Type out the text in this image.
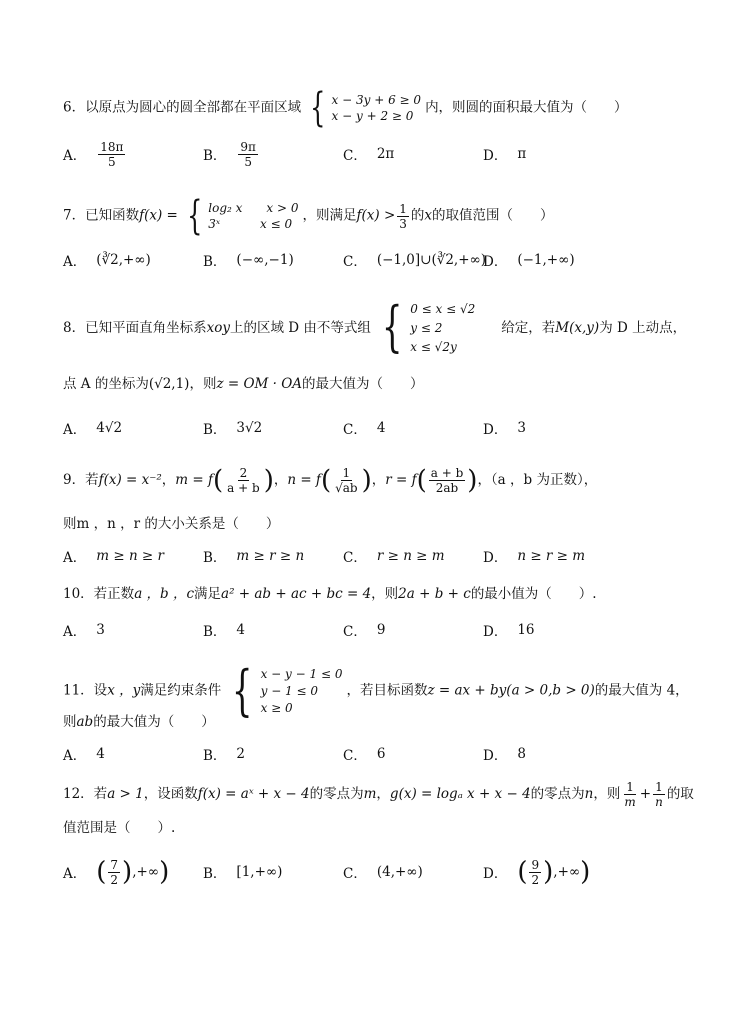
6．以原点为圆心的圆全部都在平面区域 { x − 3y + 6 ≥ 0
x − y + 2 ≥ 0
内，则圆的面积最大值为（　　）
A． $\frac{18\pi}{5}$	B． $\frac{9\pi}{5}$	C． 2π	D． π
7．已知函数f(x) = { log₂ x　　x > 0
3ˣ　　　 x ≤ 0
，则满足$f(x) > \frac{1}{3}$ 的x的取值范围（　　）
A． (∛2,+∞)	B． (−∞,−1)	C． (−1,0]∪(∛2,+∞)
D． (−1,+∞)
8．已知平面直角坐标系xoy上的区域 D 由不等式组 { 0 ≤ x ≤ √2
y ≤ 2
x ≤ √2y
给定，若M(x,y)为 D 上动点，
点 A 的坐标为(√2,1)，则z = OM · OA的最大值为（　　）
A． 4√2	B． 3√2	C． 4	D． 3
9．若f(x) = x⁻²，$m = f( \frac{2}{a + b}$ )，$n = f( \frac{1}{√ab}$ )，$r = f( \frac{a + b}{2ab}$ )，（a ，b 为正数），
则m ，n ，r 的大小关系是（　　）
A． m ≥ n ≥ r	B． m ≥ r ≥ n	C． r ≥ n ≥ m	D． n ≥ r ≥ m
10．若正数a ，b ，c满足a² + ab + ac + bc = 4，则2a + b + c的最小值为（　　）.
A． 3	B． 4	C． 9	D． 16
11．设x ，y满足约束条件 { x − y − 1 ≤ 0
y − 1 ≤ 0
x ≥ 0
，若目标函数z = ax + by(a > 0,b > 0)的最大值为 4，
则ab的最大值为（　　）
A． 4	B． 2	C． 6	D． 8
12．若a > 1，设函数f(x) = aˣ + x − 4的零点为m，g(x) = logₐ x + x − 4的零点为n，则 $\frac{1}{m} + \frac{1}{n}$ 的取
值范围是（　　）.
A． ( $\frac{7}{2}$ ) ,+∞ )	B． [1,+∞)	C． (4,+∞)	D． ( $\frac{9}{2}$ ) ,+∞ )
